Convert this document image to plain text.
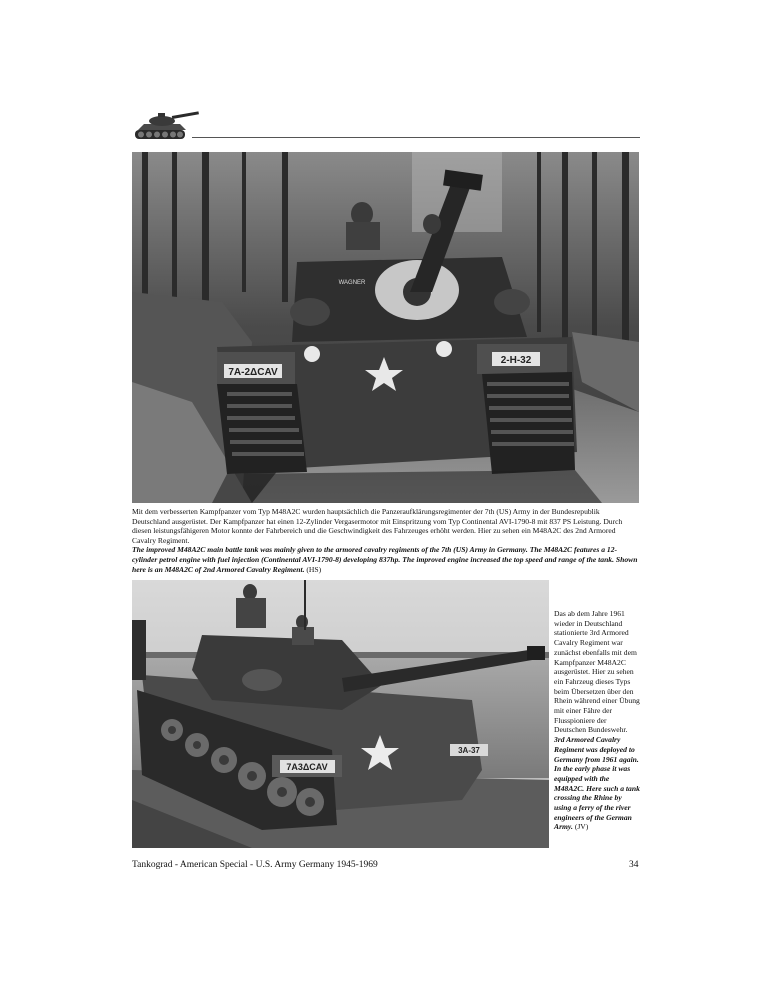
7A-2ΔCAV
2-H-32
WAGNER
Mit dem verbesserten Kampfpanzer vom Typ M48A2C wurden hauptsächlich die Panzeraufklärungsregimenter der 7th (US) Army in der Bundesrepublik Deutschland ausgerüstet. Der Kampfpanzer hat einen 12-Zylinder Vergasermotor mit Einspritzung vom Typ Continental AVI-1790-8 mit 837 PS Leistung. Durch diesen leistungsfähigeren Motor konnte der Fahrbereich und die Geschwindigkeit des Fahrzeuges erhöht werden. Hier zu sehen ein M48A2C des 2nd Armored Cavalry Regiment.
The improved M48A2C main battle tank was mainly given to the armored cavalry regiments of the 7th (US) Army in Germany. The M48A2C features a 12-cylinder petrol engine with fuel injection (Continental AVI-1790-8) developing 837hp. The improved engine increased the top speed and range of the tank. Shown here is an M48A2C of 2nd Armored Cavalry Regiment. (HS)
7A3ΔCAV
3A-37
Das ab dem Jahre 1961 wieder in Deutschland stationierte 3rd Armored Cavalry Regiment war zunächst ebenfalls mit dem Kampfpanzer M48A2C ausgerüstet. Hier zu sehen ein Fahrzeug dieses Typs beim Übersetzen über den Rhein während einer Übung mit einer Fähre der Flusspioniere der Deutschen Bundeswehr.
3rd Armored Cavalry Regiment was deployed to Germany from 1961 again. In the early phase it was equipped with the M48A2C. Here such a tank crossing the Rhine by using a ferry of the river engineers of the German Army. (JV)
Tankograd - American Special - U.S. Army Germany 1945-1969	34
